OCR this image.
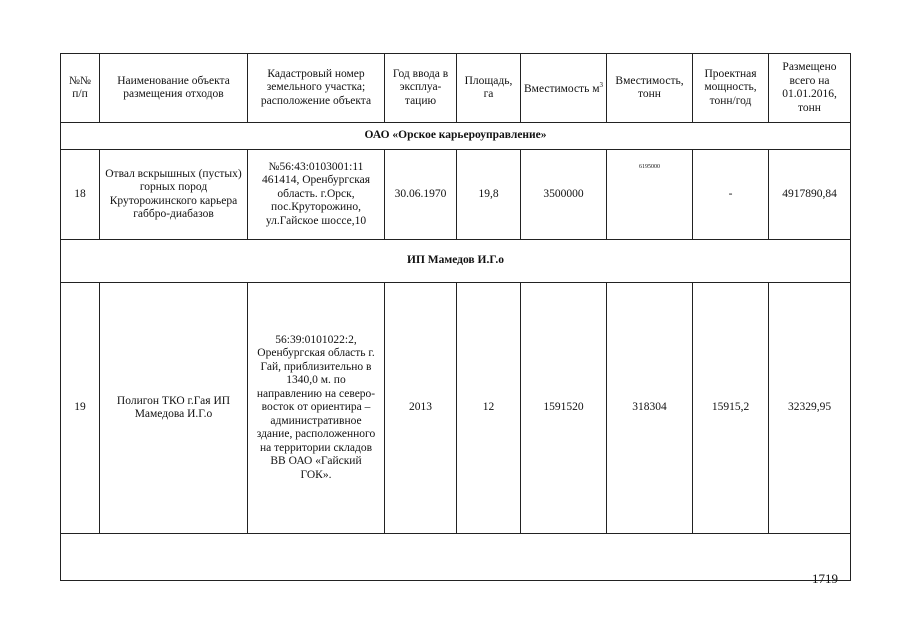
№№ п/п	Наименование объекта размещения отходов	Кадастровый номер земельного участка; расположение объекта	Год ввода в эксплуа- тацию	Площадь, га	Вместимость $м^3$	Вместимость, тонн	Проектная мощность, тонн/год	Размещено всего на 01.01.2016, тонн
ОАО «Орское карьероуправление»								
18	Отвал вскрышных (пустых) горных пород Круторожинского карьера габбро-диабазов	№56:43:0103001:11 461414, Оренбургская область. г.Орск, пос.Круторожино, ул.Гайское шоссе,10	30.06.1970	19,8	3500000	$^{6195000}$	-	4917890,84
ИП Мамедов И.Г.о								
19	Полигон ТКО г.Гая ИП Мамедова И.Г.о	56:39:0101022:2, Оренбургская область г. Гай, приблизительно в 1340,0 м. по направлению на северо-восток от ориентира – административное здание, расположенного на территории складов ВВ ОАО «Гайский ГОК».	2013	12	1591520	318304	15915,2	32329,95

1719
